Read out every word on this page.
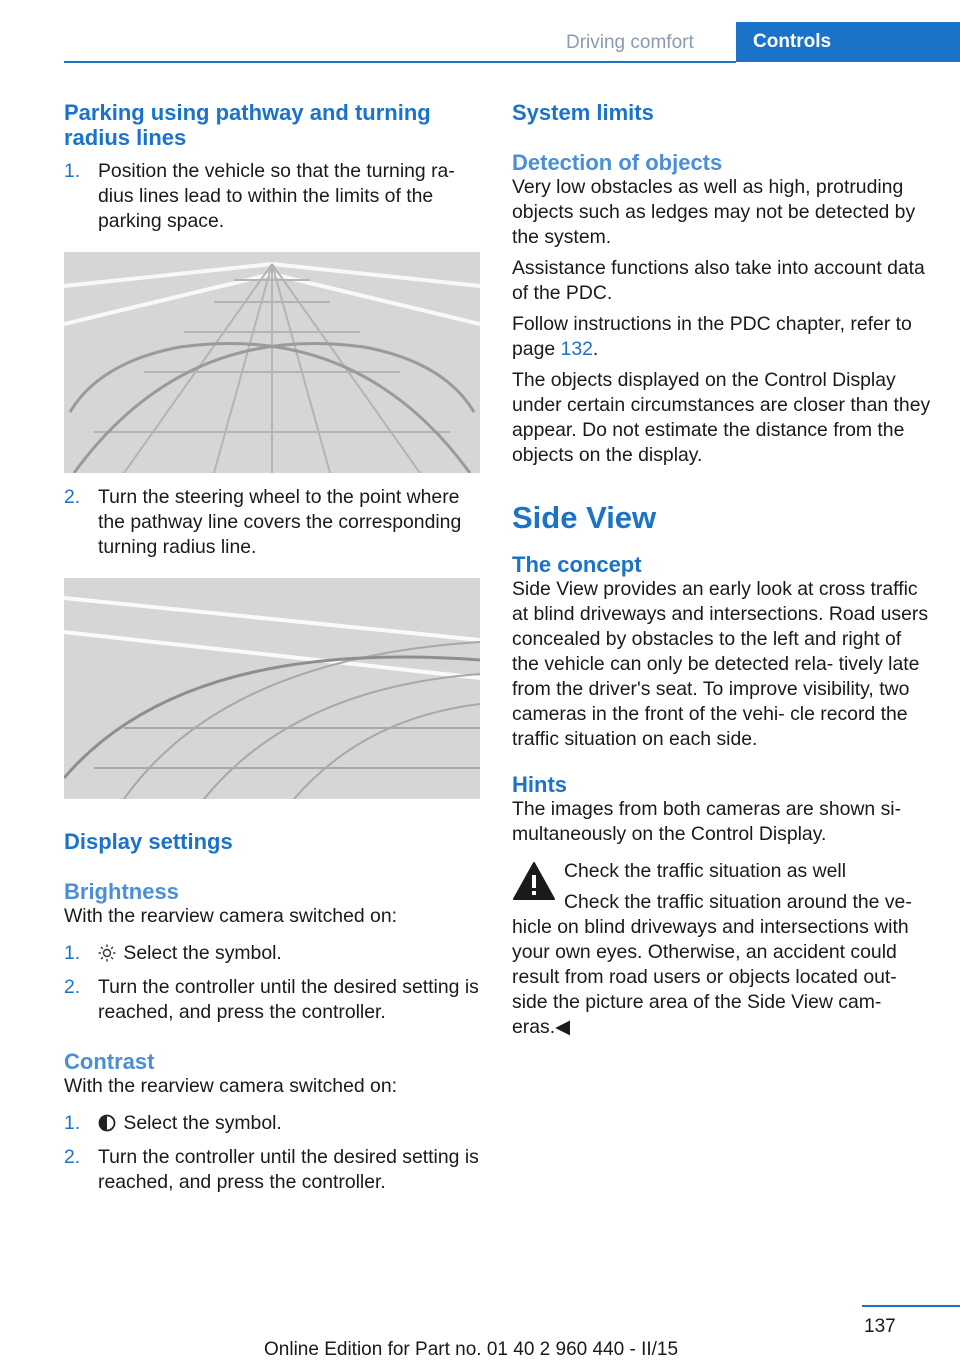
Driving comfort	Controls
Parking using pathway and turning radius lines
1. Position the vehicle so that the turning ra- dius lines lead to within the limits of the parking space.
2. Turn the steering wheel to the point where the pathway line covers the corresponding turning radius line.
Display settings
Brightness

With the rearview camera switched on:

1.	Select the symbol.
2. Turn the controller until the desired setting is reached, and press the controller.
Contrast

With the rearview camera switched on:

1.	Select the symbol.
2. Turn the controller until the desired setting is reached, and press the controller.
System limits
Detection of objects

Very low obstacles as well as high, protruding objects such as ledges may not be detected by the system.

Assistance functions also take into account data of the PDC.

Follow instructions in the PDC chapter, refer to page 132.

The objects displayed on the Control Display under certain circumstances are closer than they appear. Do not estimate the distance from the objects on the display.

Side View
The concept

Side View provides an early look at cross traffic at blind driveways and intersections. Road users concealed by obstacles to the left and right of the vehicle can only be detected rela- tively late from the driver's seat. To improve visibility, two cameras in the front of the vehi- cle record the traffic situation on each side.

Hints

The images from both cameras are shown si- multaneously on the Control Display.

Check the traffic situation as well

Check the traffic situation around the ve-

hicle on blind driveways and intersections with your own eyes. Otherwise, an accident could result from road users or objects located out- side the picture area of the Side View cam- eras.◀

137
Online Edition for Part no. 01 40 2 960 440 - II/15
